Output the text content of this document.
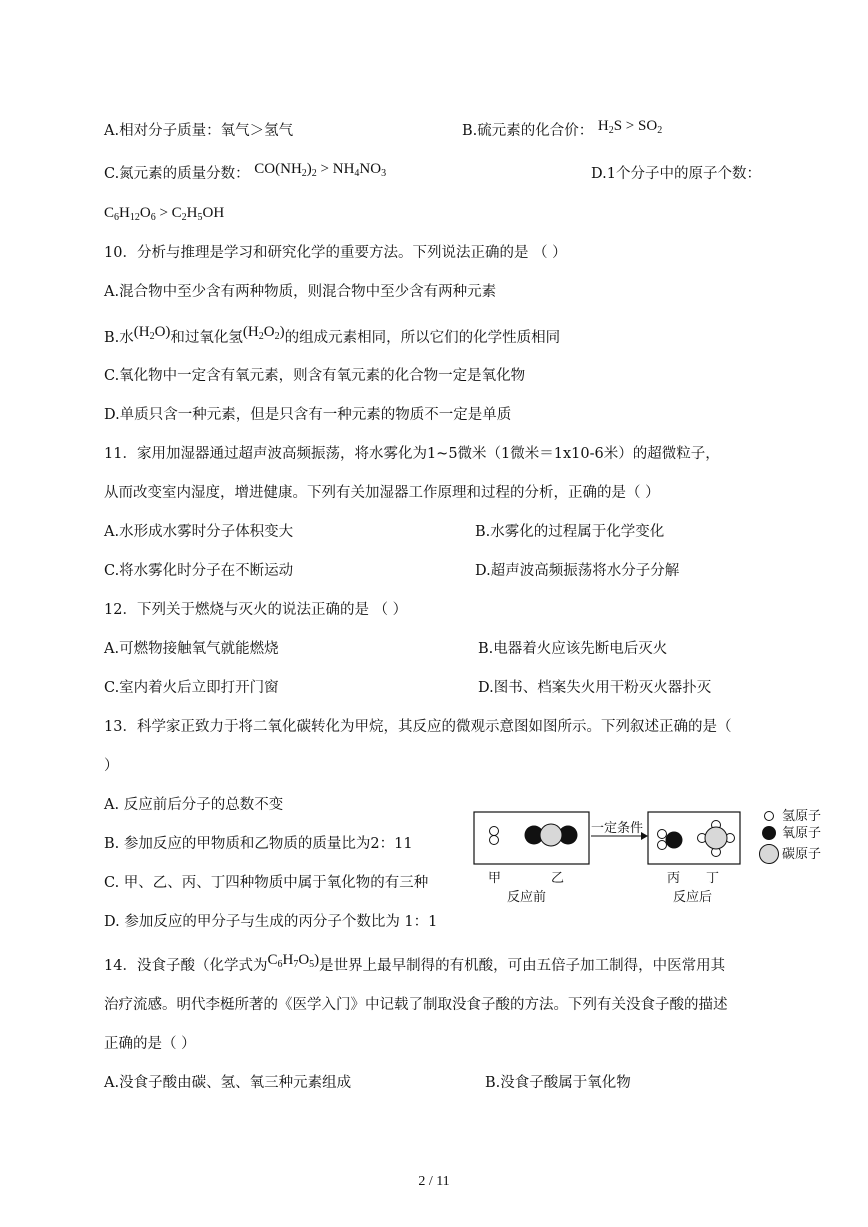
A.相对分子质量：氧气＞氢气	B.硫元素的化合价： $H_2S > SO_2$
C.氮元素的质量分数： $CO(NH_2)_2 > NH_4NO_3$	D.1个分子中的原子个数：
$C_6H_{12}O_6 > C_2H_5OH$
10．分析与推理是学习和研究化学的重要方法。下列说法正确的是 （ ）
A.混合物中至少含有两种物质，则混合物中至少含有两种元素
B.水$(H_2O)$和过氧化氢$(H_2O_2)$的组成元素相同，所以它们的化学性质相同
C.氧化物中一定含有氧元素，则含有氧元素的化合物一定是氧化物
D.单质只含一种元素，但是只含有一种元素的物质不一定是单质
11．家用加湿器通过超声波高频振荡，将水雾化为1~5微米（1微米＝1x10-6米）的超微粒子，
从而改变室内湿度，增进健康。下列有关加湿器工作原理和过程的分析，正确的是（ ）
A.水形成水雾时分子体积变大	B.水雾化的过程属于化学变化
C.将水雾化时分子在不断运动	D.超声波高频振荡将水分子分解
12．下列关于燃烧与灭火的说法正确的是 （ ）
A.可燃物接触氧气就能燃烧	B.电器着火应该先断电后灭火
C.室内着火后立即打开门窗	D.图书、档案失火用干粉灭火器扑灭
13．科学家正致力于将二氧化碳转化为甲烷，其反应的微观示意图如图所示。下列叙述正确的是（
）
A. 反应前后分子的总数不变
B. 参加反应的甲物质和乙物质的质量比为2：11
C. 甲、乙、丙、丁四种物质中属于氧化物的有三种
D. 参加反应的甲分子与生成的丙分子个数比为 1：1
一定条件
甲	乙
反应前
丙 丁
反应后
氢原子
氧原子
碳原子
14．没食子酸（化学式为$C_6H_7O_5$)是世界上最早制得的有机酸，可由五倍子加工制得，中医常用其
治疗流感。明代李梃所著的《医学入门》中记载了制取没食子酸的方法。下列有关没食子酸的描述
正确的是（ ）
A.没食子酸由碳、氢、氧三种元素组成	B.没食子酸属于氧化物
2 / 11
